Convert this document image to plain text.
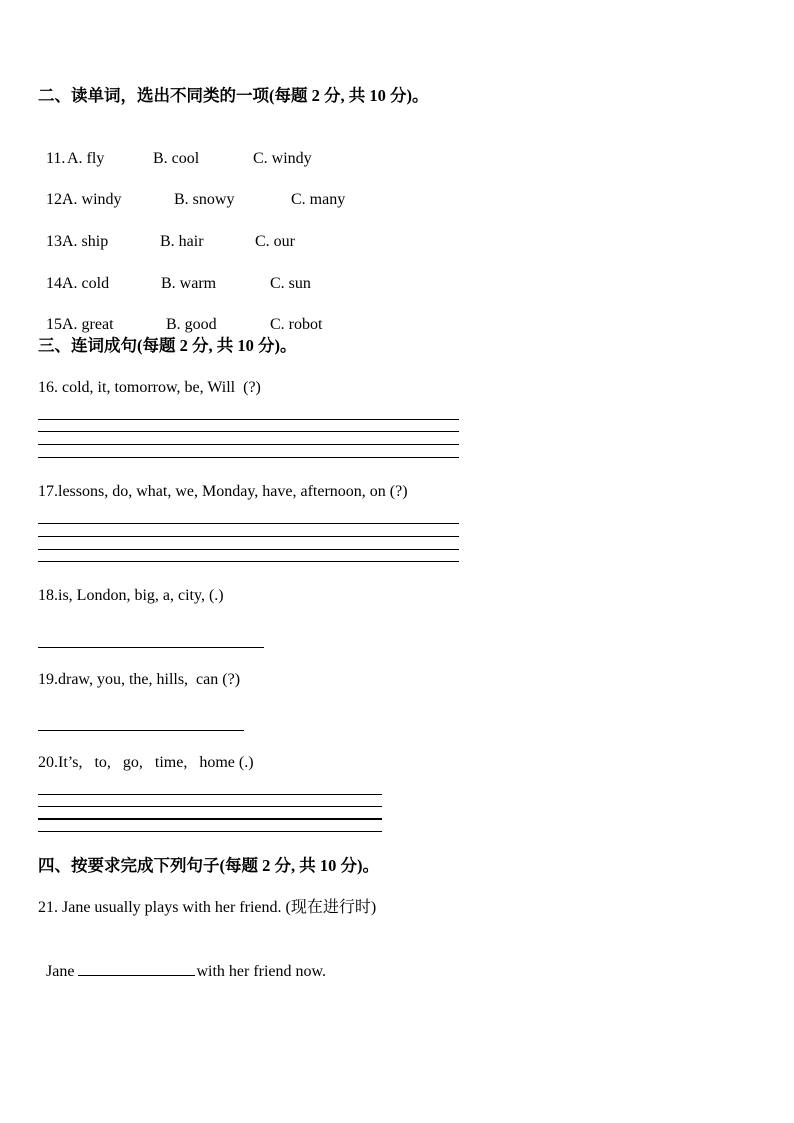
二、读单词，选出不同类的一项(每题 2 分, 共 10 分)。

11.
A. fly	B. cool	C. windy

12.
A. windy	B. snowy	C. many

13.
A. ship	B. hair	C. our

14.
A. cold	B. warm	C. sun

15.
A. great	B. good	C. robot

三、连词成句(每题 2 分, 共 10 分)。
16. cold, it, tomorrow, be, Will  (?)
17.lessons, do, what, we, Monday, have, afternoon, on (?)
18.is, London, big, a, city, (.)
19.draw, you, the, hills,  can (?)
20.It’s,   to,   go,   time,   home (.)
四、按要求完成下列句子(每题 2 分, 共 10 分)。
21. Jane usually plays with her friend. (现在进行时)

Jane	with her friend now.
